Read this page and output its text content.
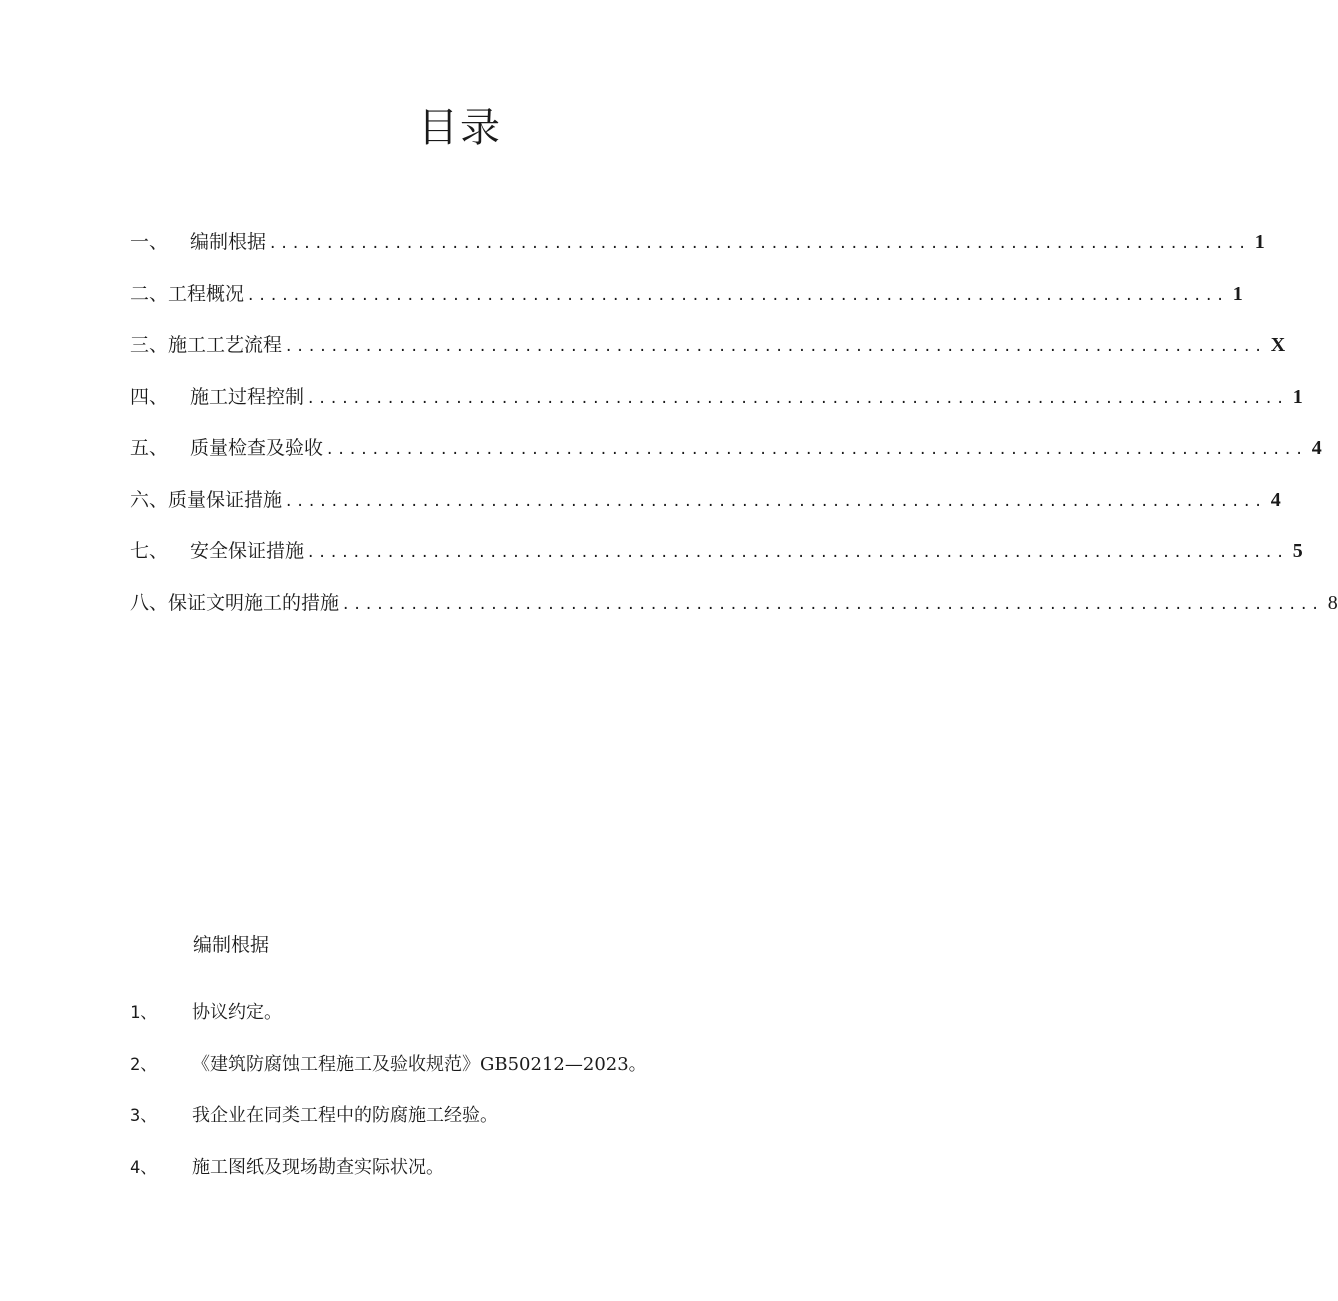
目录
一、	编制根据 ...................................................................................... 1
二、 工程概况 ...................................................................................... 1
三、 施工工艺流程 ...................................................................................... X
四、	施工过程控制 ...................................................................................... 1
五、	质量检查及验收 ...................................................................................... 4
六、 质量保证措施 ...................................................................................... 4
七、	安全保证措施 ...................................................................................... 5
八、 保证文明施工的措施 ...................................................................................... 8
编制根据
1、	协议约定。
2、	《建筑防腐蚀工程施工及验收规范》GB50212—2023。
3、	我企业在同类工程中的防腐施工经验。
4、	施工图纸及现场勘查实际状况。
